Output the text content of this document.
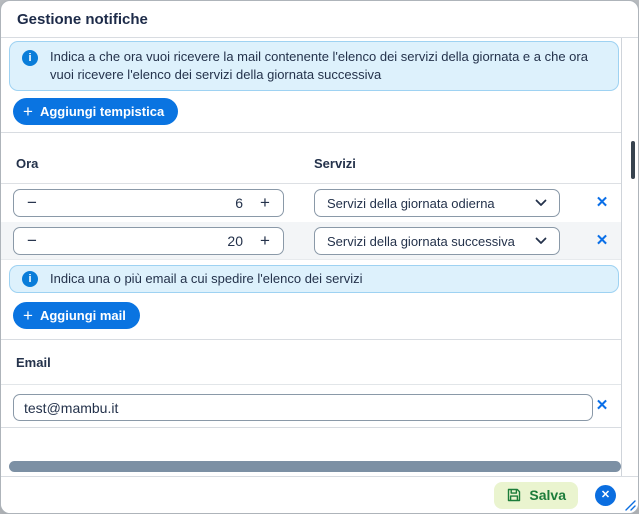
Gestione notifiche
i	Indica a che ora vuoi ricevere la mail contenente l'elenco dei servizi della giornata e a che ora vuoi ricevere l'elenco dei servizi della giornata successiva
+ Aggiungi tempistica
Ora	Servizi
−	6	+	Servizi della giornata odierna	✕
−	20	+	Servizi della giornata successiva	✕
i	Indica una o più email a cui spedire l'elenco dei servizi
+ Aggiungi mail
Email
test@mambu.it
✕
Salva	✕
